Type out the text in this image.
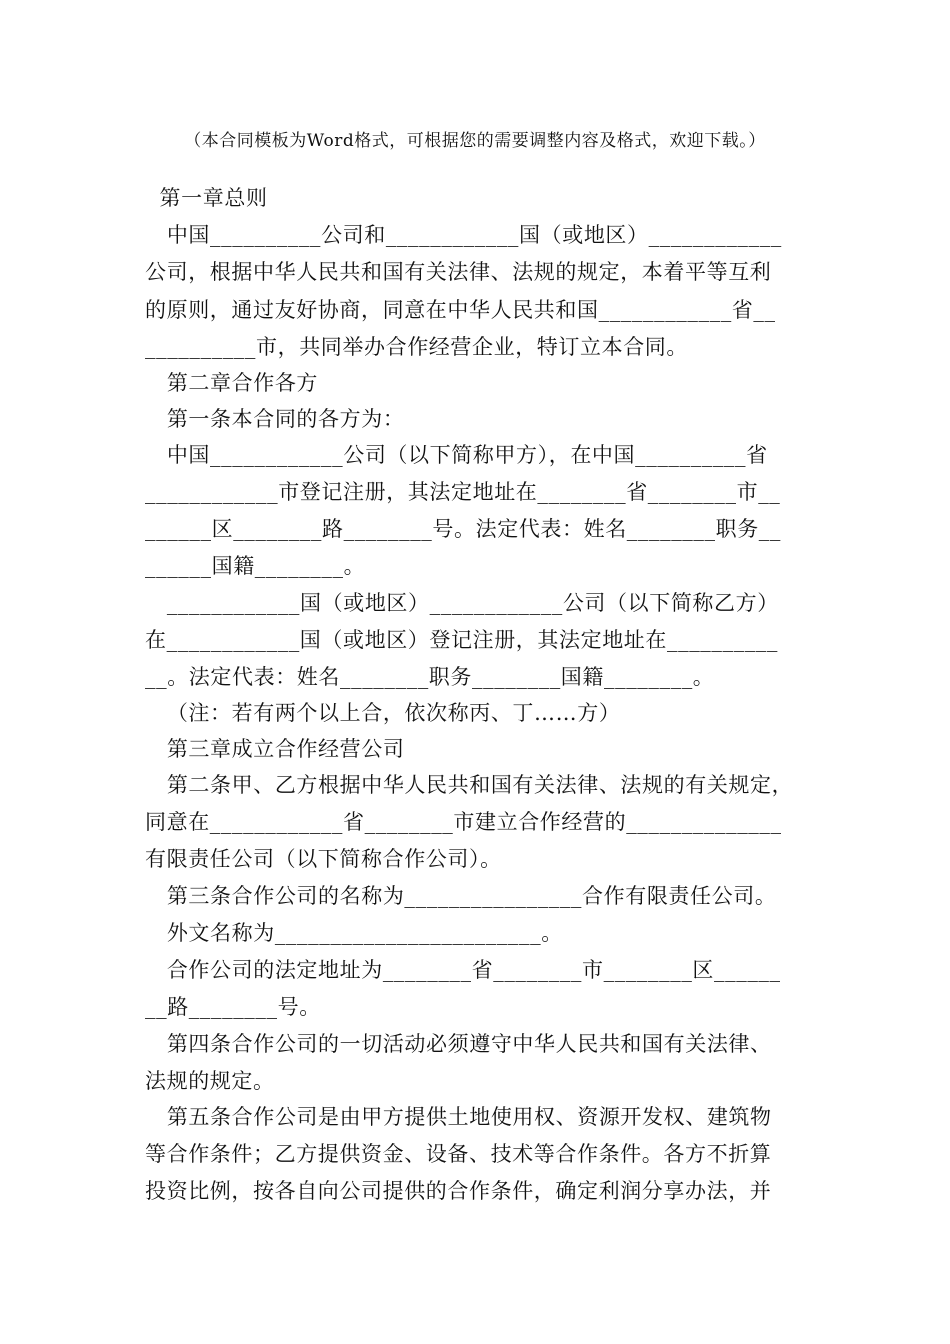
（本合同模板为Word格式，可根据您的需要调整内容及格式，欢迎下载。）
第一章总则
中国__________公司和____________国（或地区）____________
公司，根据中华人民共和国有关法律、法规的规定，本着平等互利
的原则，通过友好协商，同意在中华人民共和国____________省__
__________市，共同举办合作经营企业，特订立本合同。
第二章合作各方
第一条本合同的各方为：
中国____________公司（以下简称甲方），在中国__________省
____________市登记注册，其法定地址在________省________市__
______区________路________号。法定代表：姓名________职务__
______国籍________。
____________国（或地区）____________公司（以下简称乙方）
在____________国（或地区）登记注册，其法定地址在__________
__。法定代表：姓名________职务________国籍________。
（注：若有两个以上合，依次称丙、丁……方）
第三章成立合作经营公司
第二条甲、乙方根据中华人民共和国有关法律、法规的有关规定，
同意在____________省________市建立合作经营的______________
有限责任公司（以下简称合作公司）。
第三条合作公司的名称为________________合作有限责任公司。
外文名称为________________________。
合作公司的法定地址为________省________市________区______
__路________号。
第四条合作公司的一切活动必须遵守中华人民共和国有关法律、
法规的规定。
第五条合作公司是由甲方提供土地使用权、资源开发权、建筑物
等合作条件；乙方提供资金、设备、技术等合作条件。各方不折算
投资比例，按各自向公司提供的合作条件，确定利润分享办法，并
